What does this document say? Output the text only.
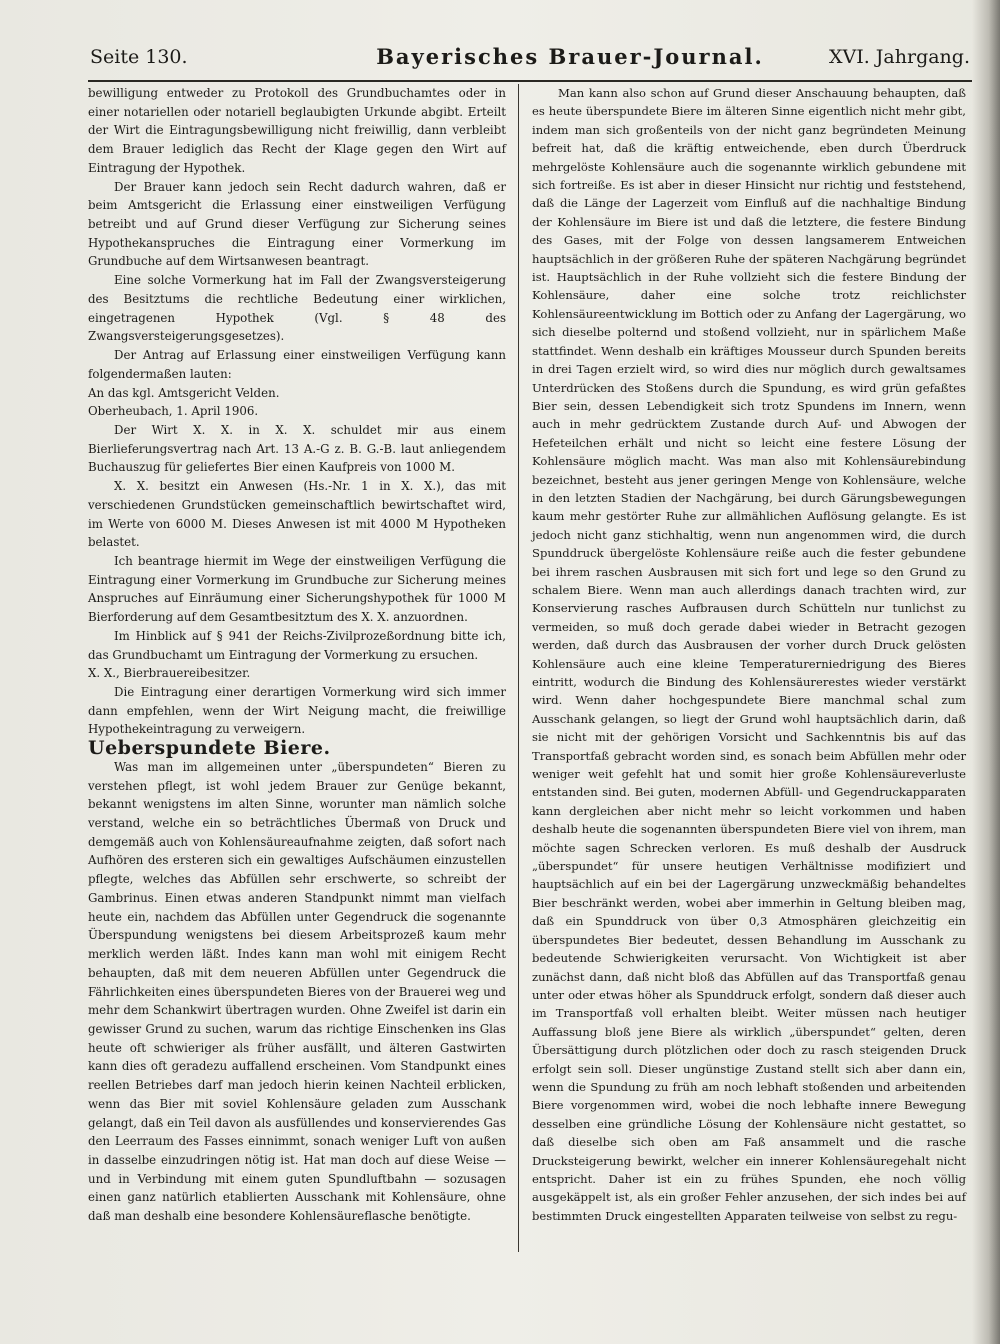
Seite 130.	Bayerisches Brauer-Journal.	XVI. Jahrgang.

bewilligung entweder zu Protokoll des Grundbuchamtes oder in einer notariellen oder notariell beglaubigten Urkunde abgibt. Erteilt der Wirt die Eintragungsbewilligung nicht freiwillig, dann verbleibt dem Brauer lediglich das Recht der Klage gegen den Wirt auf Eintragung der Hypothek.

Der Brauer kann jedoch sein Recht dadurch wahren, daß er beim Amtsgericht die Erlassung einer einstweiligen Verfügung betreibt und auf Grund dieser Verfügung zur Sicherung seines Hypothekanspruches die Eintragung einer Vormerkung im Grundbuche auf dem Wirtsanwesen beantragt.

Eine solche Vormerkung hat im Fall der Zwangsversteigerung des Besitztums die rechtliche Bedeutung einer wirklichen, eingetragenen Hypothek (Vgl. § 48 des Zwangsversteigerungsgesetzes).

Der Antrag auf Erlassung einer einstweiligen Verfügung kann folgendermaßen lauten:

An das kgl. Amtsgericht Velden.

Oberheubach, 1. April 1906.

Der Wirt X. X. in X. X. schuldet mir aus einem Bierlieferungsvertrag nach Art. 13 A.-G z. B. G.-B. laut anliegendem Buchauszug für geliefertes Bier einen Kaufpreis von 1000 M.

X. X. besitzt ein Anwesen (Hs.-Nr. 1 in X. X.), das mit verschiedenen Grundstücken gemeinschaftlich bewirtschaftet wird, im Werte von 6000 M. Dieses Anwesen ist mit 4000 M Hypotheken belastet.

Ich beantrage hiermit im Wege der einstweiligen Verfügung die Eintragung einer Vormerkung im Grundbuche zur Sicherung meines Anspruches auf Einräumung einer Sicherungshypothek für 1000 M Bierforderung auf dem Gesamtbesitztum des X. X. anzuordnen.

Im Hinblick auf § 941 der Reichs-Zivilprozeßordnung bitte ich, das Grundbuchamt um Eintragung der Vormerkung zu ersuchen.

X. X., Bierbrauereibesitzer.

Die Eintragung einer derartigen Vormerkung wird sich immer dann empfehlen, wenn der Wirt Neigung macht, die freiwillige Hypothekeintragung zu verweigern.

Ueberspundete Biere.

Was man im allgemeinen unter „überspundeten“ Bieren zu verstehen pflegt, ist wohl jedem Brauer zur Genüge bekannt, bekannt wenigstens im alten Sinne, worunter man nämlich solche verstand, welche ein so beträchtliches Übermaß von Druck und demgemäß auch von Kohlensäureaufnahme zeigten, daß sofort nach Aufhören des ersteren sich ein gewaltiges Aufschäumen einzustellen pflegte, welches das Abfüllen sehr erschwerte, so schreibt der Gambrinus. Einen etwas anderen Standpunkt nimmt man vielfach heute ein, nachdem das Abfüllen unter Gegendruck die sogenannte Überspundung wenigstens bei diesem Arbeitsprozeß kaum mehr merklich werden läßt. Indes kann man wohl mit einigem Recht behaupten, daß mit dem neueren Abfüllen unter Gegendruck die Fährlichkeiten eines überspundeten Bieres von der Brauerei weg und mehr dem Schankwirt übertragen wurden. Ohne Zweifel ist darin ein gewisser Grund zu suchen, warum das richtige Einschenken ins Glas heute oft schwieriger als früher ausfällt, und älteren Gastwirten kann dies oft geradezu auffallend erscheinen. Vom Standpunkt eines reellen Betriebes darf man jedoch hierin keinen Nachteil erblicken, wenn das Bier mit soviel Kohlensäure geladen zum Ausschank gelangt, daß ein Teil davon als ausfüllendes und konservierendes Gas den Leerraum des Fasses einnimmt, sonach weniger Luft von außen in dasselbe einzudringen nötig ist. Hat man doch auf diese Weise — und in Verbindung mit einem guten Spundluftbahn — sozusagen einen ganz natürlich etablierten Ausschank mit Kohlensäure, ohne daß man deshalb eine besondere Kohlensäureflasche benötigte.

Man kann also schon auf Grund dieser Anschauung behaupten, daß es heute überspundete Biere im älteren Sinne eigentlich nicht mehr gibt, indem man sich großenteils von der nicht ganz begründeten Meinung befreit hat, daß die kräftig entweichende, eben durch Überdruck mehrgelöste Kohlensäure auch die sogenannte wirklich gebundene mit sich fortreiße. Es ist aber in dieser Hinsicht nur richtig und feststehend, daß die Länge der Lagerzeit vom Einfluß auf die nachhaltige Bindung der Kohlensäure im Biere ist und daß die letztere, die festere Bindung des Gases, mit der Folge von dessen langsamerem Entweichen hauptsächlich in der größeren Ruhe der späteren Nachgärung begründet ist. Hauptsächlich in der Ruhe vollzieht sich die festere Bindung der Kohlensäure, daher eine solche trotz reichlichster Kohlensäureentwicklung im Bottich oder zu Anfang der Lagergärung, wo sich dieselbe polternd und stoßend vollzieht, nur in spärlichem Maße stattfindet. Wenn deshalb ein kräftiges Mousseur durch Spunden bereits in drei Tagen erzielt wird, so wird dies nur möglich durch gewaltsames Unterdrücken des Stoßens durch die Spundung, es wird grün gefaßtes Bier sein, dessen Lebendigkeit sich trotz Spundens im Innern, wenn auch in mehr gedrücktem Zustande durch Auf- und Abwogen der Hefeteilchen erhält und nicht so leicht eine festere Lösung der Kohlensäure möglich macht. Was man also mit Kohlensäurebindung bezeichnet, besteht aus jener geringen Menge von Kohlensäure, welche in den letzten Stadien der Nachgärung, bei durch Gärungsbewegungen kaum mehr gestörter Ruhe zur allmählichen Auflösung gelangte. Es ist jedoch nicht ganz stichhaltig, wenn nun angenommen wird, die durch Spunddruck übergelöste Kohlensäure reiße auch die fester gebundene bei ihrem raschen Ausbrausen mit sich fort und lege so den Grund zu schalem Biere. Wenn man auch allerdings danach trachten wird, zur Konservierung rasches Aufbrausen durch Schütteln nur tunlichst zu vermeiden, so muß doch gerade dabei wieder in Betracht gezogen werden, daß durch das Ausbrausen der vorher durch Druck gelösten Kohlensäure auch eine kleine Temperaturerniedrigung des Bieres eintritt, wodurch die Bindung des Kohlensäurerestes wieder verstärkt wird. Wenn daher hochgespundete Biere manchmal schal zum Ausschank gelangen, so liegt der Grund wohl hauptsächlich darin, daß sie nicht mit der gehörigen Vorsicht und Sachkenntnis bis auf das Transportfaß gebracht worden sind, es sonach beim Abfüllen mehr oder weniger weit gefehlt hat und somit hier große Kohlensäureverluste entstanden sind. Bei guten, modernen Abfüll- und Gegendruckapparaten kann dergleichen aber nicht mehr so leicht vorkommen und haben deshalb heute die sogenannten überspundeten Biere viel von ihrem, man möchte sagen Schrecken verloren. Es muß deshalb der Ausdruck „überspundet“ für unsere heutigen Verhältnisse modifiziert und hauptsächlich auf ein bei der Lagergärung unzweckmäßig behandeltes Bier beschränkt werden, wobei aber immerhin in Geltung bleiben mag, daß ein Spunddruck von über 0,3 Atmosphären gleichzeitig ein überspundetes Bier bedeutet, dessen Behandlung im Ausschank zu bedeutende Schwierigkeiten verursacht. Von Wichtigkeit ist aber zunächst dann, daß nicht bloß das Abfüllen auf das Transportfaß genau unter oder etwas höher als Spunddruck erfolgt, sondern daß dieser auch im Transportfaß voll erhalten bleibt. Weiter müssen nach heutiger Auffassung bloß jene Biere als wirklich „überspundet“ gelten, deren Übersättigung durch plötzlichen oder doch zu rasch steigenden Druck erfolgt sein soll. Dieser ungünstige Zustand stellt sich aber dann ein, wenn die Spundung zu früh am noch lebhaft stoßenden und arbeitenden Biere vorgenommen wird, wobei die noch lebhafte innere Bewegung desselben eine gründliche Lösung der Kohlensäure nicht gestattet, so daß dieselbe sich oben am Faß ansammelt und die rasche Drucksteigerung bewirkt, welcher ein innerer Kohlensäuregehalt nicht entspricht. Daher ist ein zu frühes Spunden, ehe noch völlig ausgekäppelt ist, als ein großer Fehler anzusehen, der sich indes bei auf bestimmten Druck eingestellten Apparaten teilweise von selbst zu regu-
